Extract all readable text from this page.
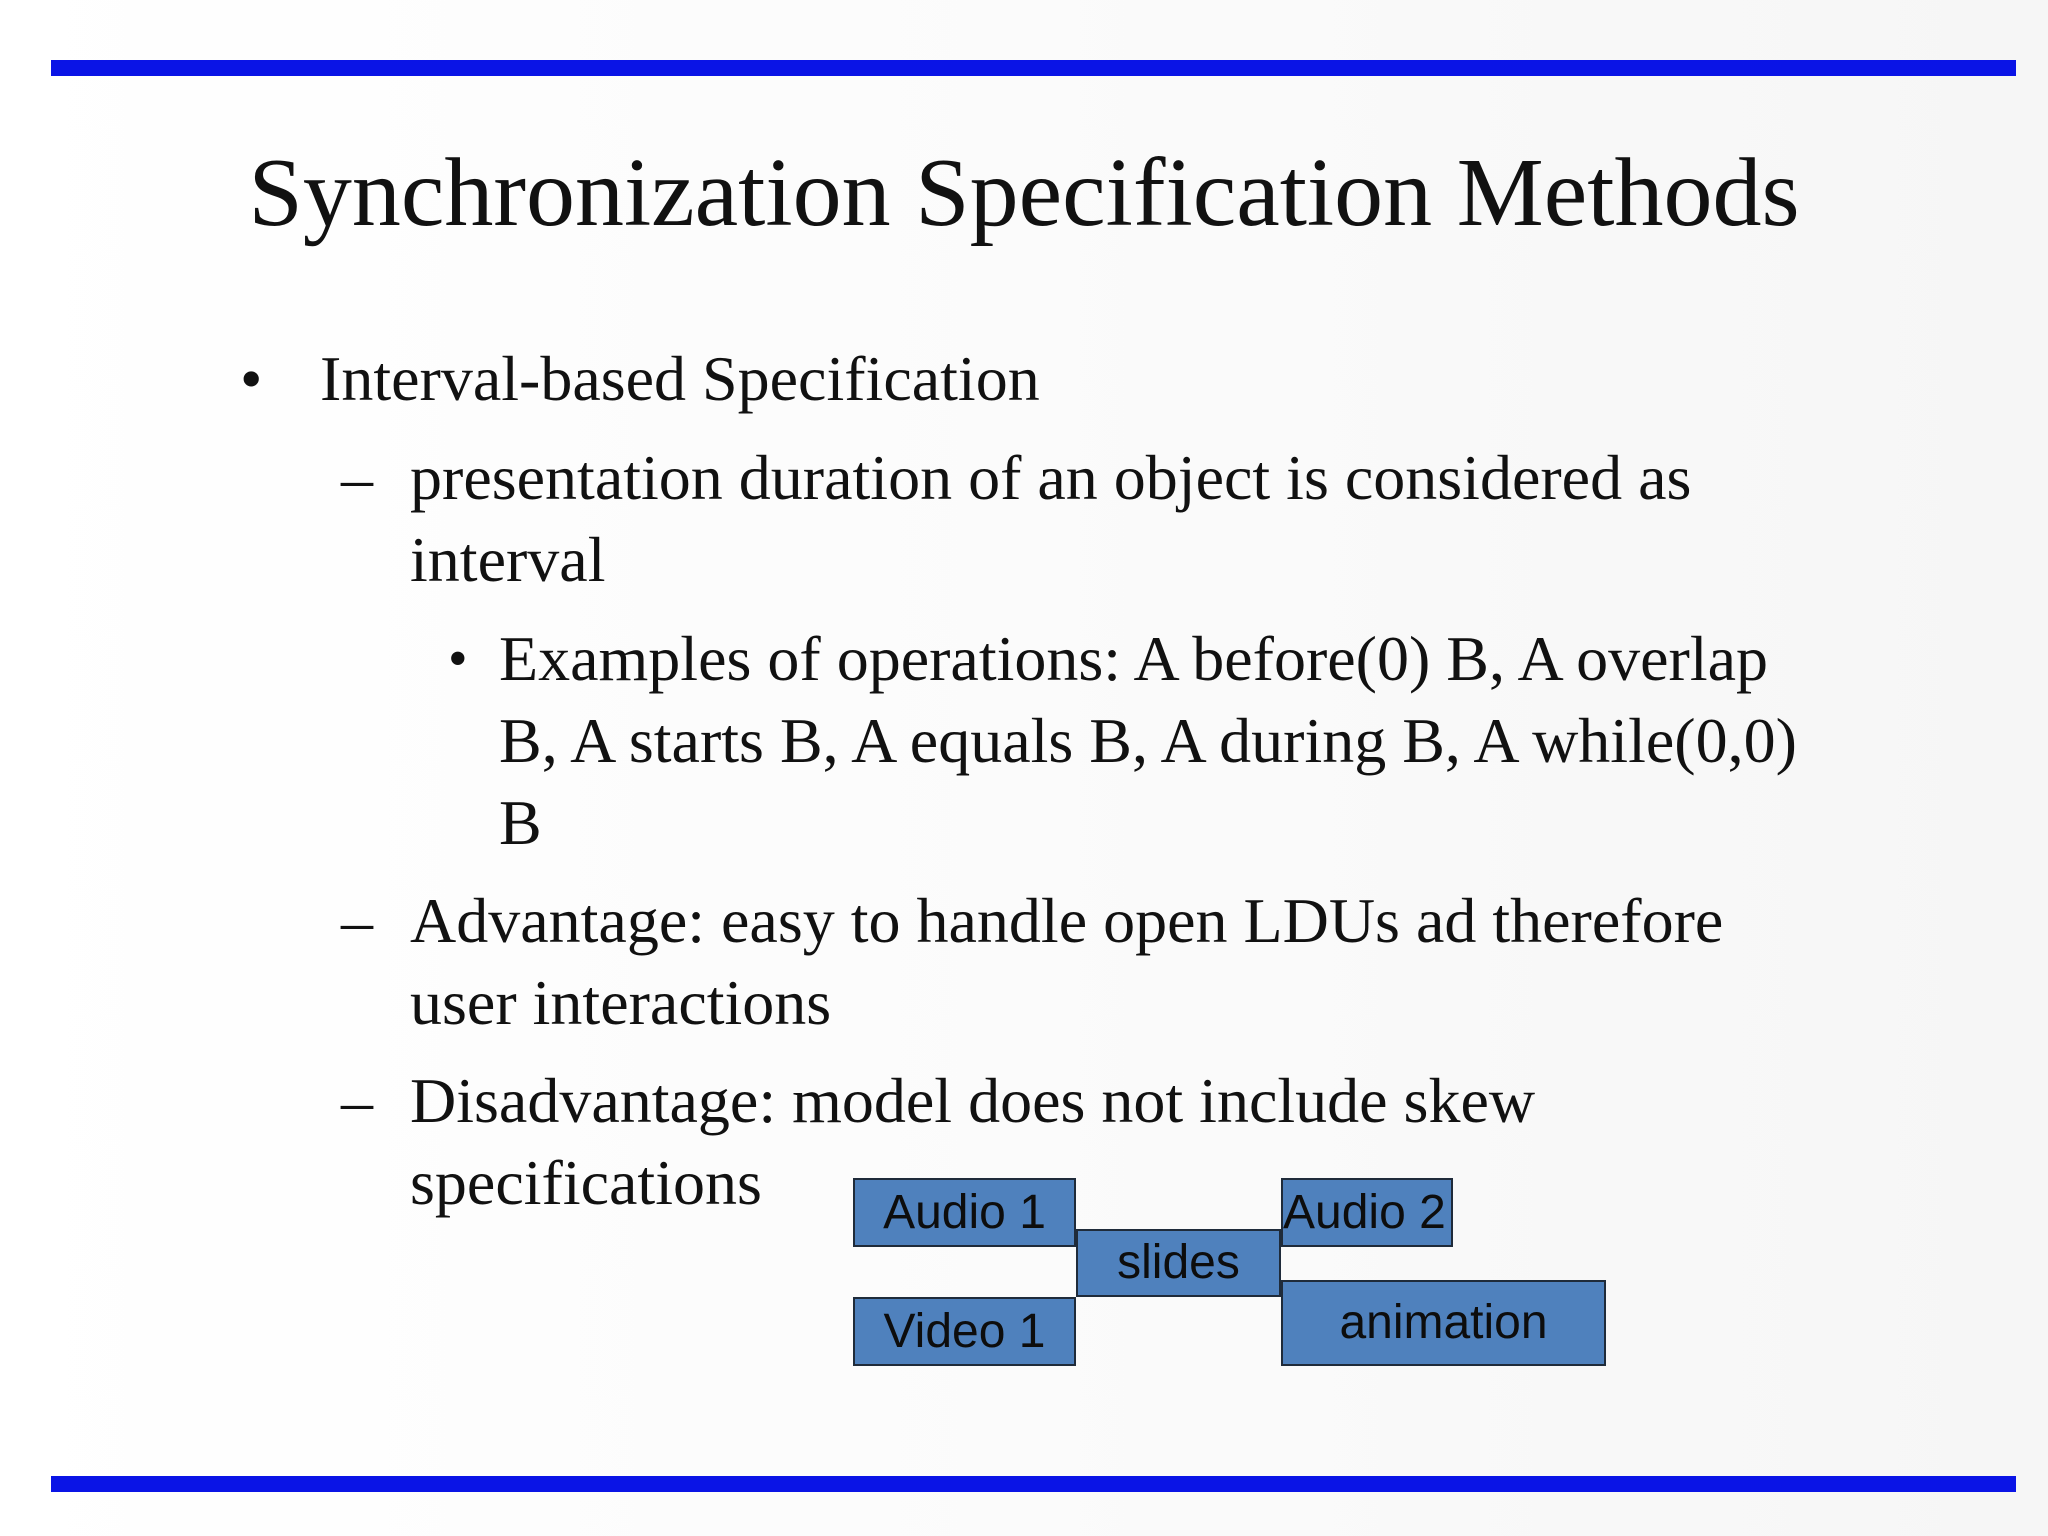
Synchronization Specification Methods
• Interval-based Specification
– presentation duration of an object is considered as
interval
• Examples of operations: A before(0) B, A overlap
B, A starts B, A equals B, A during B, A while(0,0)
B
– Advantage: easy to handle open LDUs ad therefore
user interactions
– Disadvantage: model does not include skew
specifications	Audio 1
Video 1
slides
Audio 2
animation
